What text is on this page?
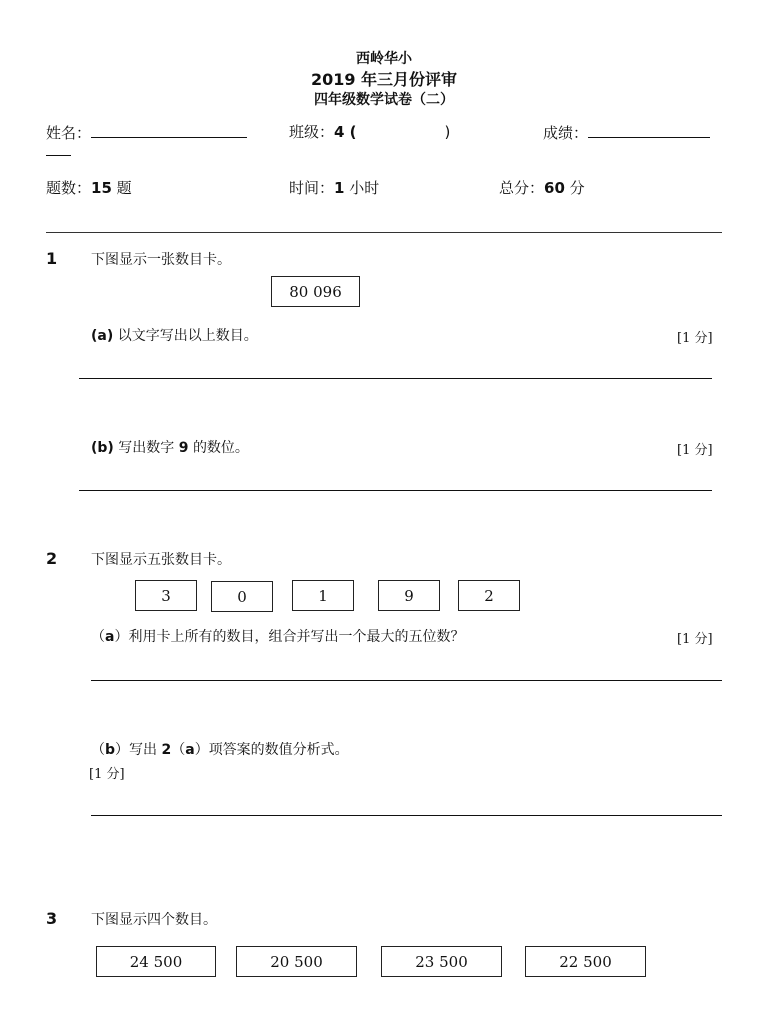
西岭华小
2019 年三月份评审
四年级数学试卷（二）
姓名：	班级：4 (	)	成绩：
题数：15 题	时间：1 小时	总分：60 分
1 下图显示一张数目卡。
80 096
(a) 以文字写出以上数目。	[1 分]
(b) 写出数字 9 的数位。	[1 分]
2 下图显示五张数目卡。
3	0	1	9	2
（a）利用卡上所有的数目，组合并写出一个最大的五位数？	[1 分]
（b）写出 2（a）项答案的数值分析式。
[1 分]
3 下图显示四个数目。
24 500	20 500	23 500	22 500
